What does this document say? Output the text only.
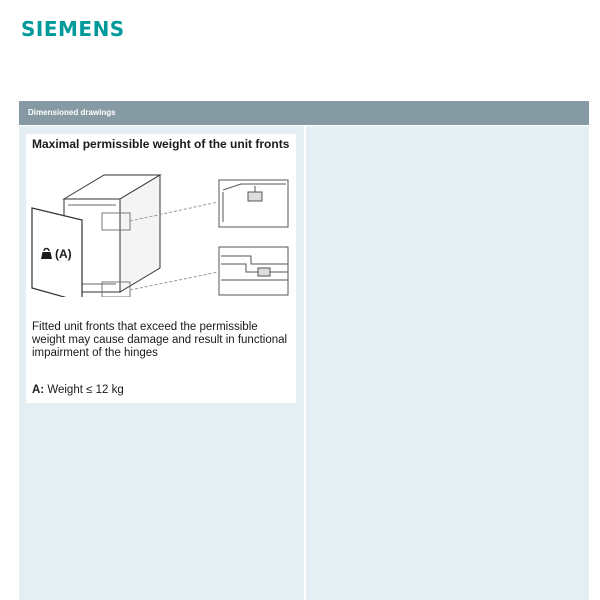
SIEMENS
Dimensioned drawings
Maximal permissible weight of the unit fronts
(A)
Fitted unit fronts that exceed the permissible weight may cause damage and result in functional impairment of the hinges
A: Weight ≤ 12 kg
